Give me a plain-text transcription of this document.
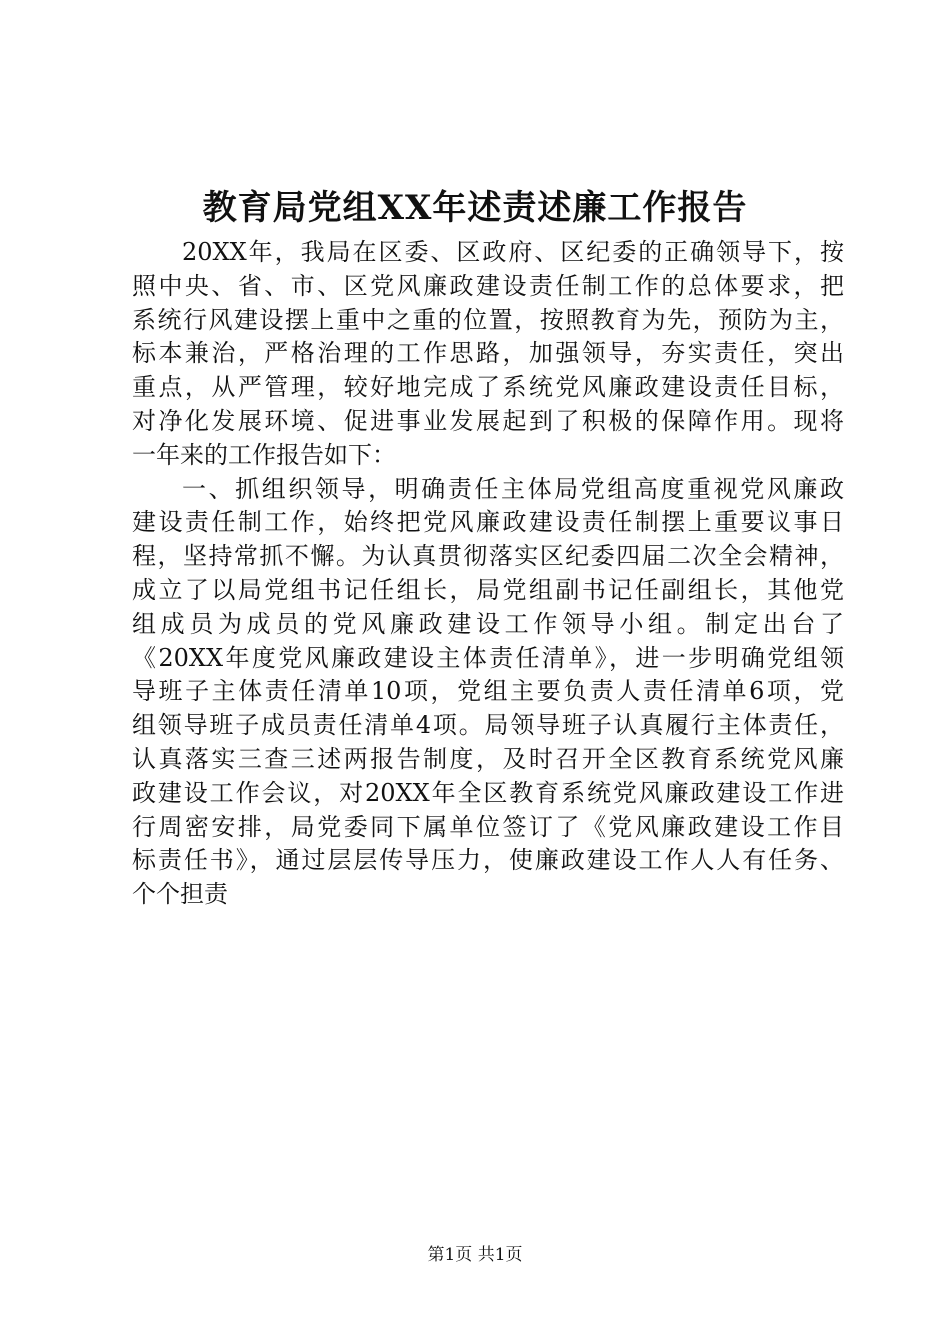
教育局党组XX年述责述廉工作报告
20XX年，我局在区委、区政府、区纪委的正确领导下，按
照中央、省、市、区党风廉政建设责任制工作的总体要求，把
系统行风建设摆上重中之重的位置，按照教育为先，预防为主，
标本兼治，严格治理的工作思路，加强领导，夯实责任，突出
重点，从严管理，较好地完成了系统党风廉政建设责任目标，
对净化发展环境、促进事业发展起到了积极的保障作用。现将
一年来的工作报告如下：
一、抓组织领导，明确责任主体局党组高度重视党风廉政
建设责任制工作，始终把党风廉政建设责任制摆上重要议事日
程，坚持常抓不懈。为认真贯彻落实区纪委四届二次全会精神，
成立了以局党组书记任组长，局党组副书记任副组长，其他党
组成员为成员的党风廉政建设工作领导小组。制定出台了
《20XX年度党风廉政建设主体责任清单》，进一步明确党组领
导班子主体责任清单10项，党组主要负责人责任清单6项，党
组领导班子成员责任清单4项。局领导班子认真履行主体责任，
认真落实三查三述两报告制度，及时召开全区教育系统党风廉
政建设工作会议，对20XX年全区教育系统党风廉政建设工作进
行周密安排，局党委同下属单位签订了《党风廉政建设工作目
标责任书》，通过层层传导压力，使廉政建设工作人人有任务、
个个担责
第1页 共1页
